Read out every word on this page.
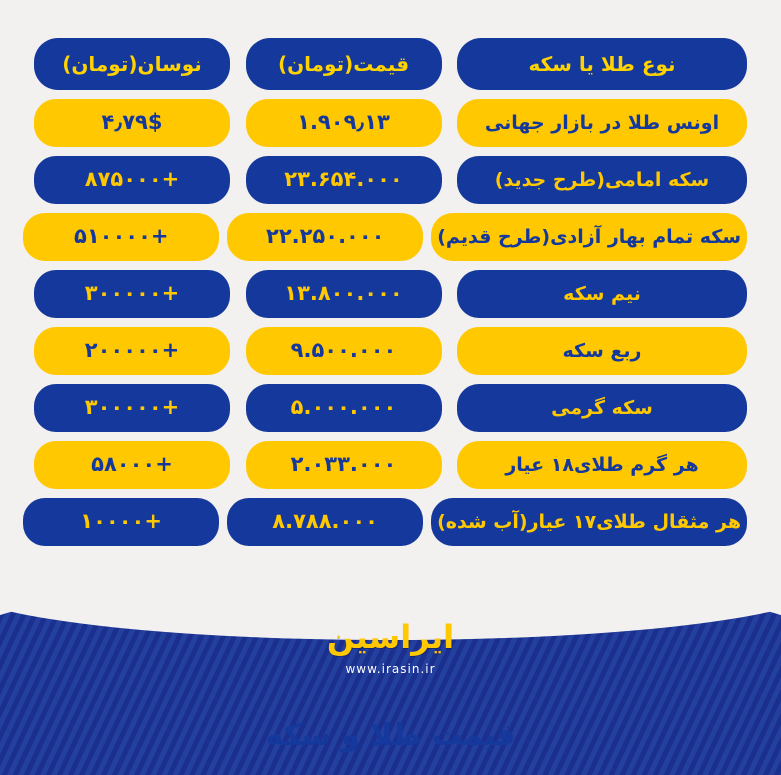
نوع طلا یا سکه
قیمت(تومان)
نوسان(تومان)
اونس طلا در بازار جهانی
۱.۹۰۹٫۱۳
۴٫۷۹$
سکه امامی(طرح جدید)
۲۳.۶۵۴.۰۰۰
+۸۷۵۰۰۰
سکه تمام بهار آزادی(طرح قدیم)
۲۲.۲۵۰.۰۰۰
+۵۱۰۰۰۰
نیم سکه
۱۳.۸۰۰.۰۰۰
+۳۰۰۰۰۰
ربع سکه
۹.۵۰۰.۰۰۰
+۲۰۰۰۰۰
سکه گرمی
۵.۰۰۰.۰۰۰
+۳۰۰۰۰۰
هر گرم طلای۱۸ عیار
۲.۰۳۳.۰۰۰
+۵۸۰۰۰
هر مثقال طلای۱۷ عیار(آب شده)
۸.۷۸۸.۰۰۰
+۱۰۰۰۰
ایراسین
www.irasin.ir
قیمت طلا و سکه
